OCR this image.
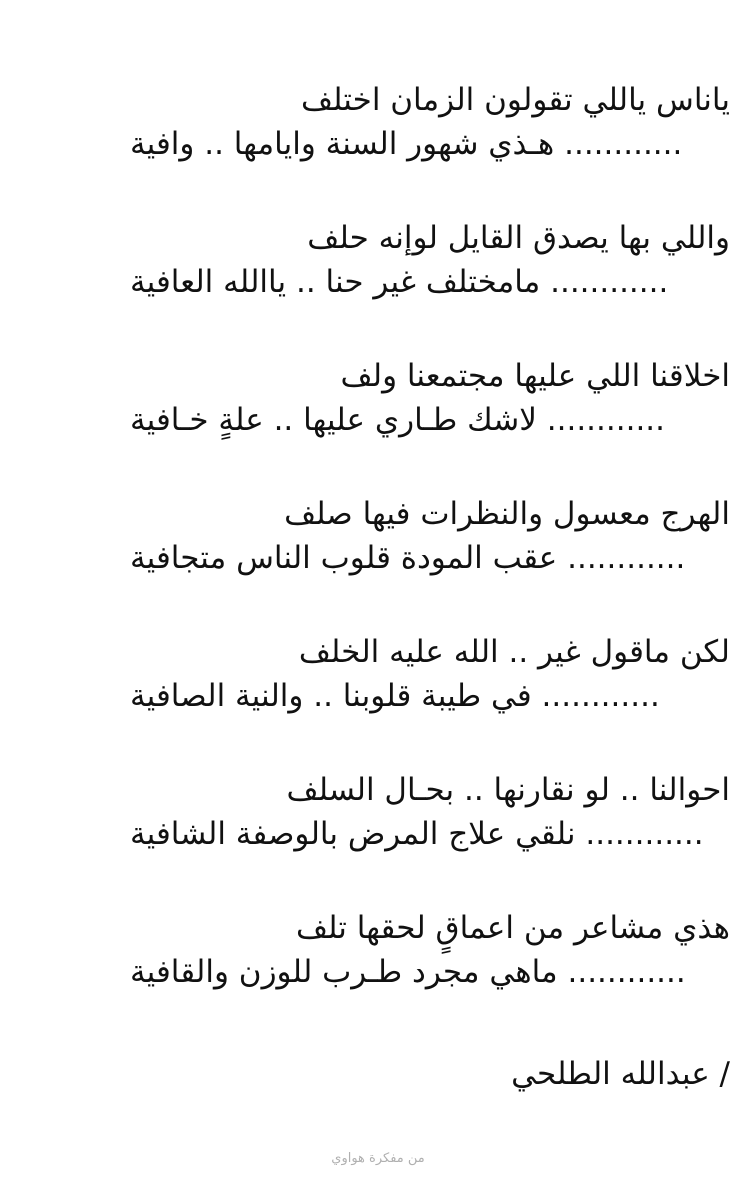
ياناس ياللي تقولون الزمان اختلف
............ هـذي شهور السنة وايامها .. وافية
واللي بها يصدق القايل لوإنه حلف
............ مامختلف غير حنا .. ياالله العافية
اخلاقنا اللي عليها مجتمعنا ولف
............ لاشك طـاري عليها .. علةٍ خـافية
الهرج معسول والنظرات فيها صلف
............ عقب المودة قلوب الناس متجافية
لكن ماقول غير .. الله عليه الخلف
............ في طيبة قلوبنا .. والنية الصافية
احوالنا .. لو نقارنها .. بحـال السلف
............ نلقي علاج المرض بالوصفة الشافية
هذي مشاعر من اعماقٍ لحقها تلف
............ ماهي مجرد طـرب للوزن والقافية
/ عبدالله الطلحي
من مفكرة هواوي
